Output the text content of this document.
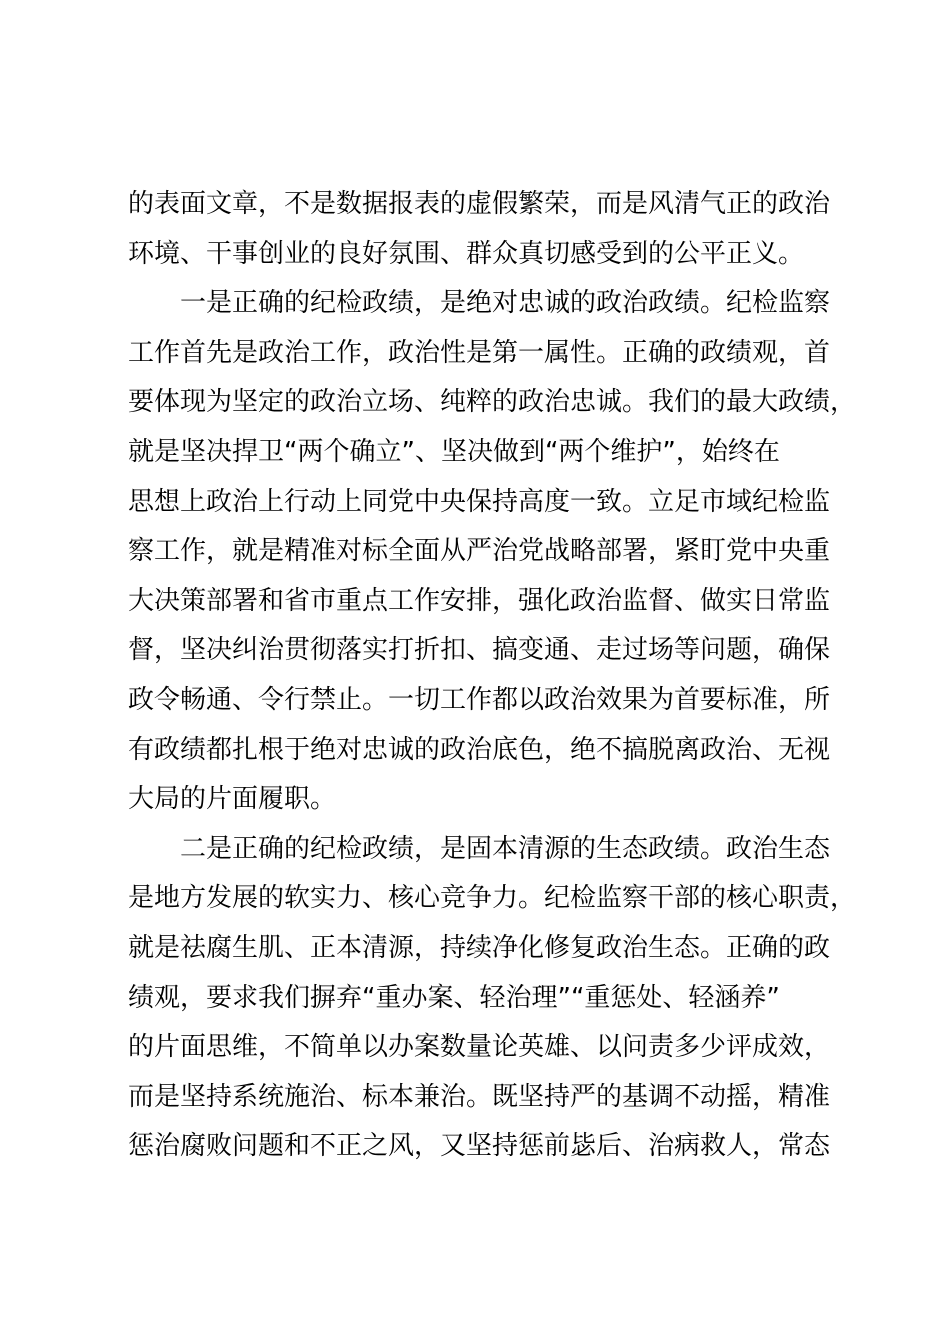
的表面文章，不是数据报表的虚假繁荣，而是风清气正的政治
环境、干事创业的良好氛围、群众真切感受到的公平正义。
一是正确的纪检政绩，是绝对忠诚的政治政绩。纪检监察
工作首先是政治工作，政治性是第一属性。正确的政绩观，首
要体现为坚定的政治立场、纯粹的政治忠诚。我们的最大政绩，
就是坚决捍卫“两个确立”、坚决做到“两个维护”，始终在
思想上政治上行动上同党中央保持高度一致。立足市域纪检监
察工作，就是精准对标全面从严治党战略部署，紧盯党中央重
大决策部署和省市重点工作安排，强化政治监督、做实日常监
督，坚决纠治贯彻落实打折扣、搞变通、走过场等问题，确保
政令畅通、令行禁止。一切工作都以政治效果为首要标准，所
有政绩都扎根于绝对忠诚的政治底色，绝不搞脱离政治、无视
大局的片面履职。
二是正确的纪检政绩，是固本清源的生态政绩。政治生态
是地方发展的软实力、核心竞争力。纪检监察干部的核心职责，
就是祛腐生肌、正本清源，持续净化修复政治生态。正确的政
绩观，要求我们摒弃“重办案、轻治理”“重惩处、轻涵养”
的片面思维，不简单以办案数量论英雄、以问责多少评成效，
而是坚持系统施治、标本兼治。既坚持严的基调不动摇，精准
惩治腐败问题和不正之风，又坚持惩前毖后、治病救人，常态
